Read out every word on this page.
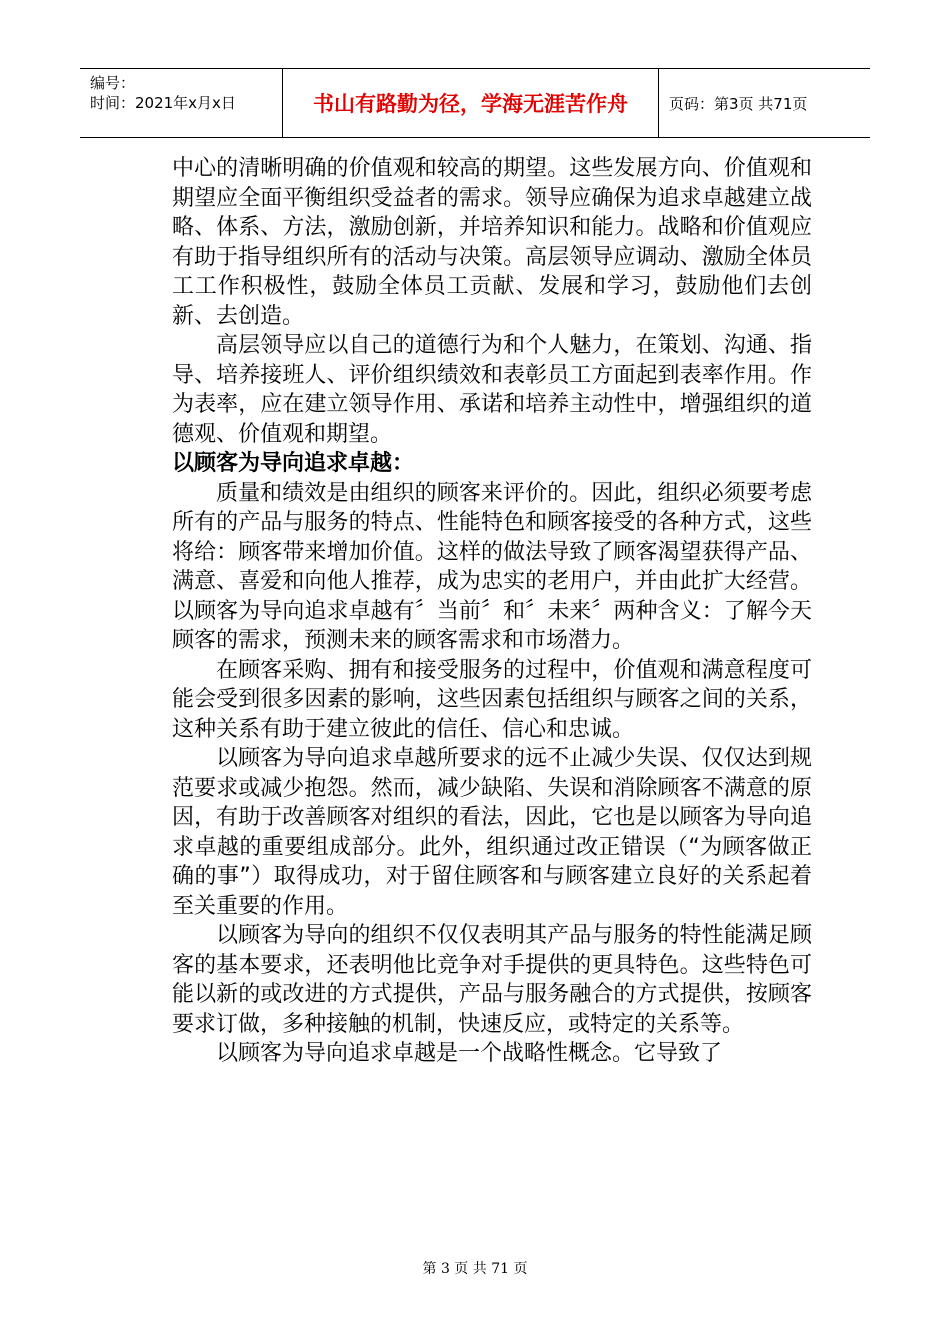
编号：
时间：2021年x月x日	书山有路勤为径，学海无涯苦作舟	页码：第3页 共71页

中心的清晰明确的价值观和较高的期望。这些发展方向、价值观和期望应全面平衡组织受益者的需求。领导应确保为追求卓越建立战略、体系、方法，激励创新，并培养知识和能力。战略和价值观应有助于指导组织所有的活动与决策。高层领导应调动、激励全体员工工作积极性，鼓励全体员工贡献、发展和学习，鼓励他们去创新、去创造。

高层领导应以自己的道德行为和个人魅力，在策划、沟通、指导、培养接班人、评价组织绩效和表彰员工方面起到表率作用。作为表率，应在建立领导作用、承诺和培养主动性中，增强组织的道德观、价值观和期望。

以顾客为导向追求卓越：

质量和绩效是由组织的顾客来评价的。因此，组织必须要考虑所有的产品与服务的特点、性能特色和顾客接受的各种方式，这些将给：顾客带来增加价值。这样的做法导致了顾客渴望获得产品、满意、喜爱和向他人推荐，成为忠实的老用户，并由此扩大经营。以顾客为导向追求卓越有〞当前〞和〞未来〞两种含义：了解今天顾客的需求，预测未来的顾客需求和市场潜力。

在顾客采购、拥有和接受服务的过程中，价值观和满意程度可能会受到很多因素的影响，这些因素包括组织与顾客之间的关系，这种关系有助于建立彼此的信任、信心和忠诚。

以顾客为导向追求卓越所要求的远不止减少失误、仅仅达到规范要求或减少抱怨。然而，减少缺陷、失误和消除顾客不满意的原因，有助于改善顾客对组织的看法，因此，它也是以顾客为导向追求卓越的重要组成部分。此外，组织通过改正错误（“为顾客做正确的事”）取得成功，对于留住顾客和与顾客建立良好的关系起着至关重要的作用。

以顾客为导向的组织不仅仅表明其产品与服务的特性能满足顾客的基本要求，还表明他比竞争对手提供的更具特色。这些特色可能以新的或改进的方式提供，产品与服务融合的方式提供，按顾客要求订做，多种接触的机制，快速反应，或特定的关系等。

以顾客为导向追求卓越是一个战略性概念。它导致了

第 3 页 共 71 页
